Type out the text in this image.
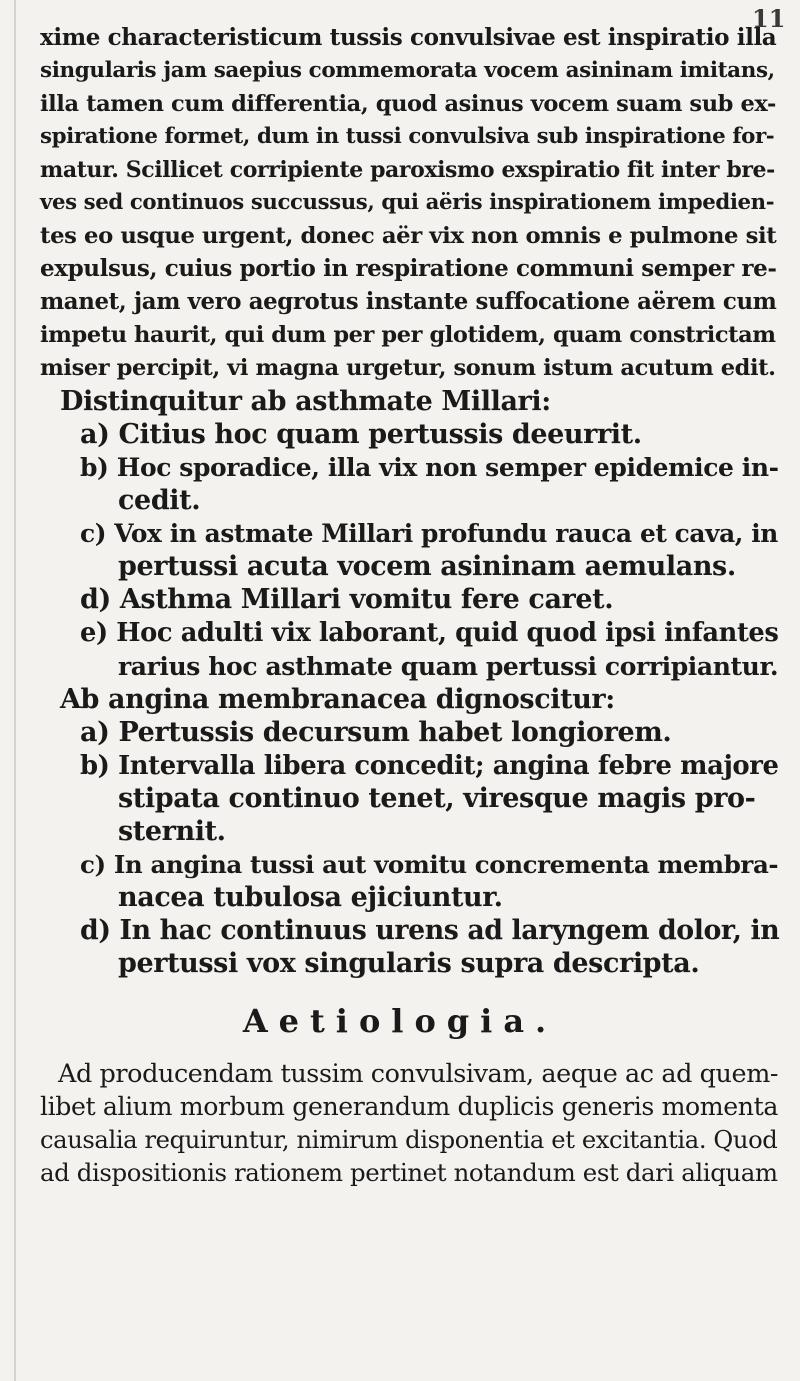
11
xime characteristicum tussis convulsivae est inspiratio illa
singularis jam saepius commemorata vocem asininam imitans,
illa tamen cum differentia, quod asinus vocem suam sub ex-
spiratione formet, dum in tussi convulsiva sub inspiratione for-
matur. Scillicet corripiente paroxismo exspiratio fit inter bre-
ves sed continuos succussus, qui aëris inspirationem impedien-
tes eo usque urgent, donec aër vix non omnis e pulmone sit
expulsus, cuius portio in respiratione communi semper re-
manet, jam vero aegrotus instante suffocatione aërem cum
impetu haurit, qui dum per per glotidem, quam constrictam
miser percipit, vi magna urgetur, sonum istum acutum edit.
Distinquitur ab asthmate Millari:
a) Citius hoc quam pertussis deeurrit.
b) Hoc sporadice, illa vix non semper epidemice in-
cedit.
c) Vox in astmate Millari profundu rauca et cava, in
pertussi acuta vocem asininam aemulans.
d) Asthma Millari vomitu fere caret.
e) Hoc adulti vix laborant, quid quod ipsi infantes
rarius hoc asthmate quam pertussi corripiantur.
Ab angina membranacea dignoscitur:
a) Pertussis decursum habet longiorem.
b) Intervalla libera concedit; angina febre majore
stipata continuo tenet, viresque magis pro-
sternit.
c) In angina tussi aut vomitu concrementa membra-
nacea tubulosa ejiciuntur.
d) In hac continuus urens ad laryngem dolor, in
pertussi vox singularis supra descripta.
Aetiologia.
Ad producendam tussim convulsivam, aeque ac ad quem-
libet alium morbum generandum duplicis generis momenta
causalia requiruntur, nimirum disponentia et excitantia. Quod
ad dispositionis rationem pertinet notandum est dari aliquam
